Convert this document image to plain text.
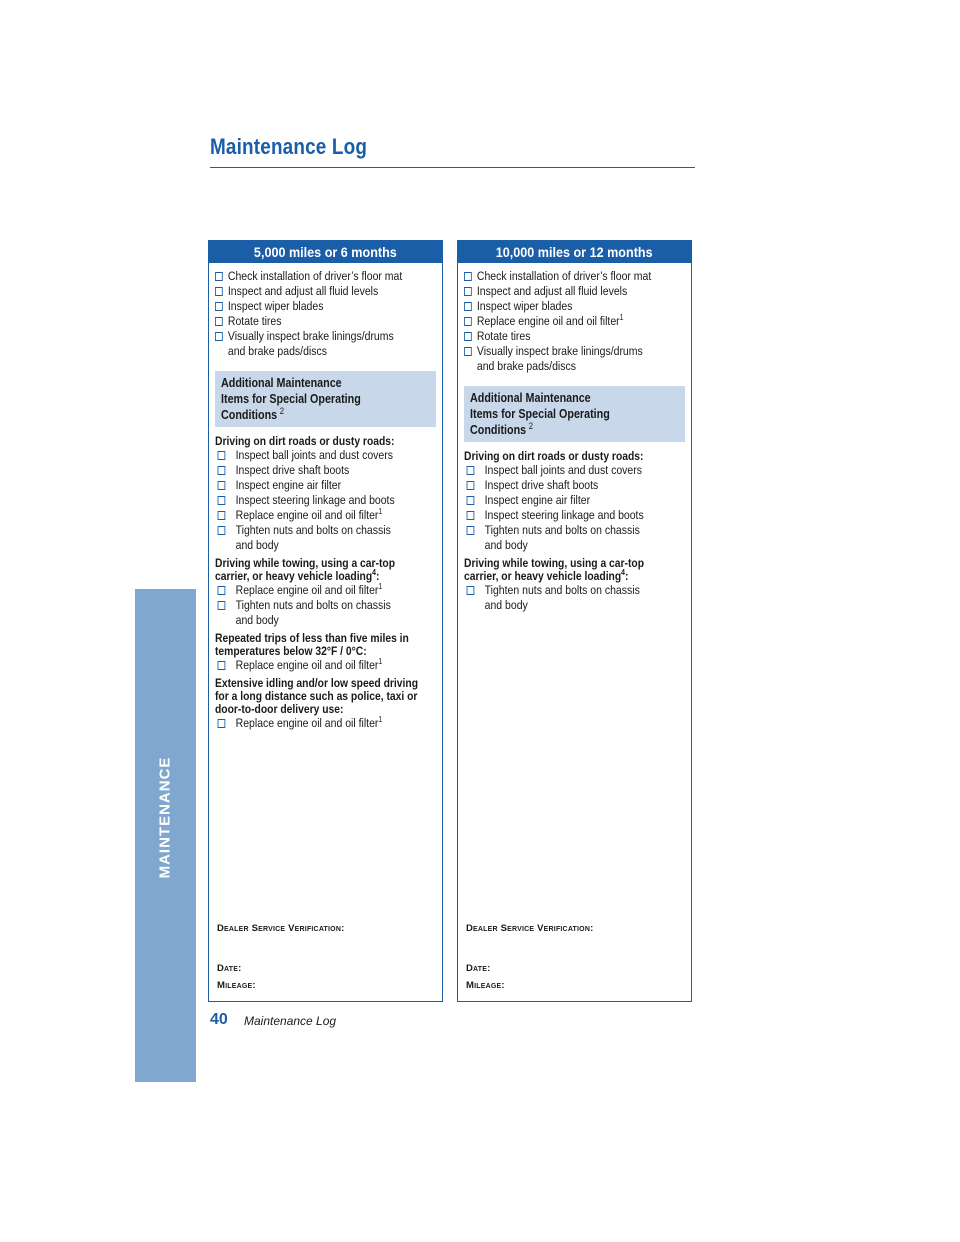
MAINTENANCE
Maintenance Log
5,000 miles or 6 months
Check installation of driver’s floor mat
Inspect and adjust all fluid levels
Inspect wiper blades
Rotate tires
Visually inspect brake linings/drums and brake pads/discs
Additional Maintenance Items for Special Operating Conditions $^2$
Driving on dirt roads or dusty roads:
Inspect ball joints and dust covers
Inspect drive shaft boots
Inspect engine air filter
Inspect steering linkage and boots
Replace engine oil and oil filter$^1$
Tighten nuts and bolts on chassis and body
Driving while towing, using a car-top carrier, or heavy vehicle loading$^4$:
Replace engine oil and oil filter$^1$
Tighten nuts and bolts on chassis and body
Repeated trips of less than five miles in temperatures below 32°F / 0°C:
Replace engine oil and oil filter$^1$
Extensive idling and/or low speed driving for a long distance such as police, taxi or door-to-door delivery use:
Replace engine oil and oil filter$^1$
Dealer Service Verification:
Date:
Mileage:
10,000 miles or 12 months
Check installation of driver’s floor mat
Inspect and adjust all fluid levels
Inspect wiper blades
Replace engine oil and oil filter$^1$
Rotate tires
Visually inspect brake linings/drums and brake pads/discs
Additional Maintenance Items for Special Operating Conditions $^2$
Driving on dirt roads or dusty roads:
Inspect ball joints and dust covers
Inspect drive shaft boots
Inspect engine air filter
Inspect steering linkage and boots
Tighten nuts and bolts on chassis and body
Driving while towing, using a car-top carrier, or heavy vehicle loading$^4$:
Tighten nuts and bolts on chassis and body
Dealer Service Verification:
Date:
Mileage:
40 Maintenance Log
